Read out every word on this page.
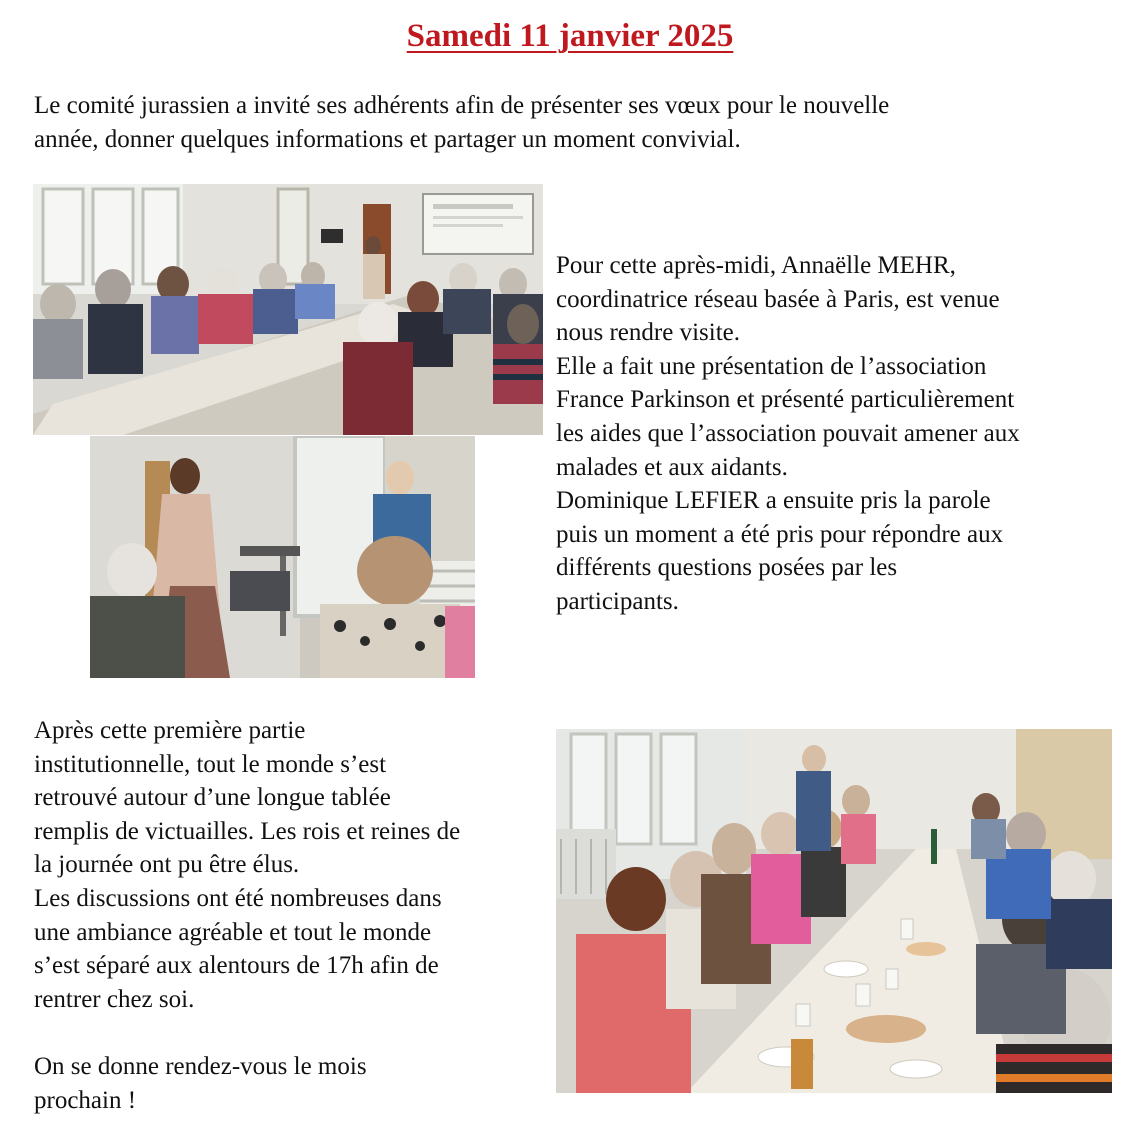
Samedi 11 janvier 2025
Le comité jurassien a invité ses adhérents afin de présenter ses vœux pour le nouvelle
année, donner quelques informations et partager un moment convivial.
Pour cette après-midi, Annaëlle MEHR,
coordinatrice réseau basée à Paris, est venue
nous rendre visite.
Elle a fait une présentation de l’association
France Parkinson et présenté particulièrement
les aides que l’association pouvait amener aux
malades et aux aidants.
Dominique LEFIER a ensuite pris la parole
puis un moment a été pris pour répondre aux
différents questions posées par les
participants.
Après cette première partie
institutionnelle, tout le monde s’est
retrouvé autour d’une longue tablée
remplis de victuailles. Les rois et reines de
la journée ont pu être élus.
Les discussions ont été nombreuses dans
une ambiance agréable et tout le monde
s’est séparé aux alentours de 17h afin de
rentrer chez soi.
On se donne rendez-vous le mois
prochain !
